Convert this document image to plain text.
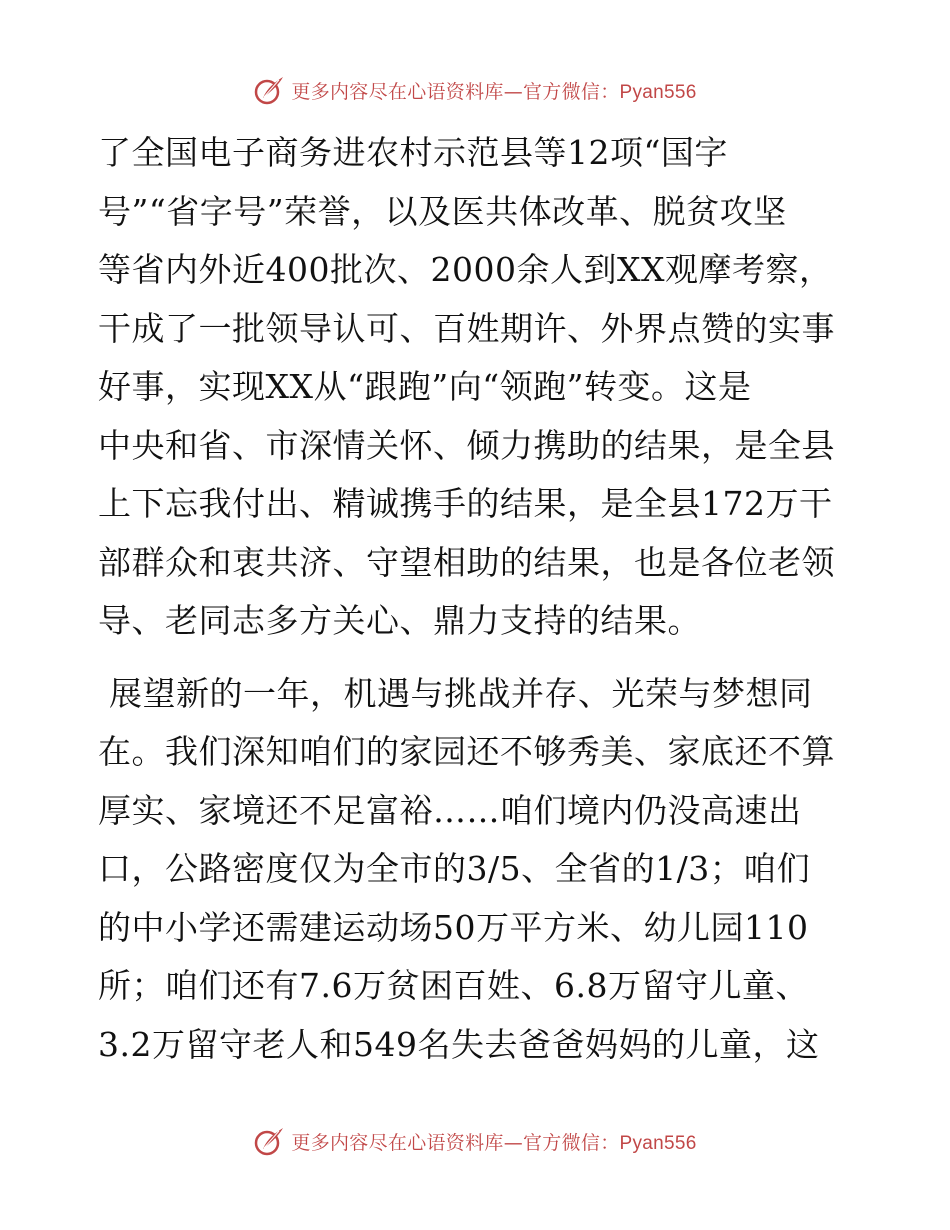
更多内容尽在心语资料库—官方微信：Pyan556
了全国电子商务进农村示范县等12项“国字
号”“省字号”荣誉，以及医共体改革、脱贫攻坚
等省内外近400批次、2000余人到XX观摩考察，
干成了一批领导认可、百姓期许、外界点赞的实事
好事，实现XX从“跟跑”向“领跑”转变。这是
中央和省、市深情关怀、倾力携助的结果，是全县
上下忘我付出、精诚携手的结果，是全县172万干
部群众和衷共济、守望相助的结果，也是各位老领
导、老同志多方关心、鼎力支持的结果。
展望新的一年，机遇与挑战并存、光荣与梦想同
在。我们深知咱们的家园还不够秀美、家底还不算
厚实、家境还不足富裕……咱们境内仍没高速出
口，公路密度仅为全市的3/5、全省的1/3；咱们
的中小学还需建运动场50万平方米、幼儿园110
所；咱们还有7.6万贫困百姓、6.8万留守儿童、
3.2万留守老人和549名失去爸爸妈妈的儿童，这
更多内容尽在心语资料库—官方微信：Pyan556
